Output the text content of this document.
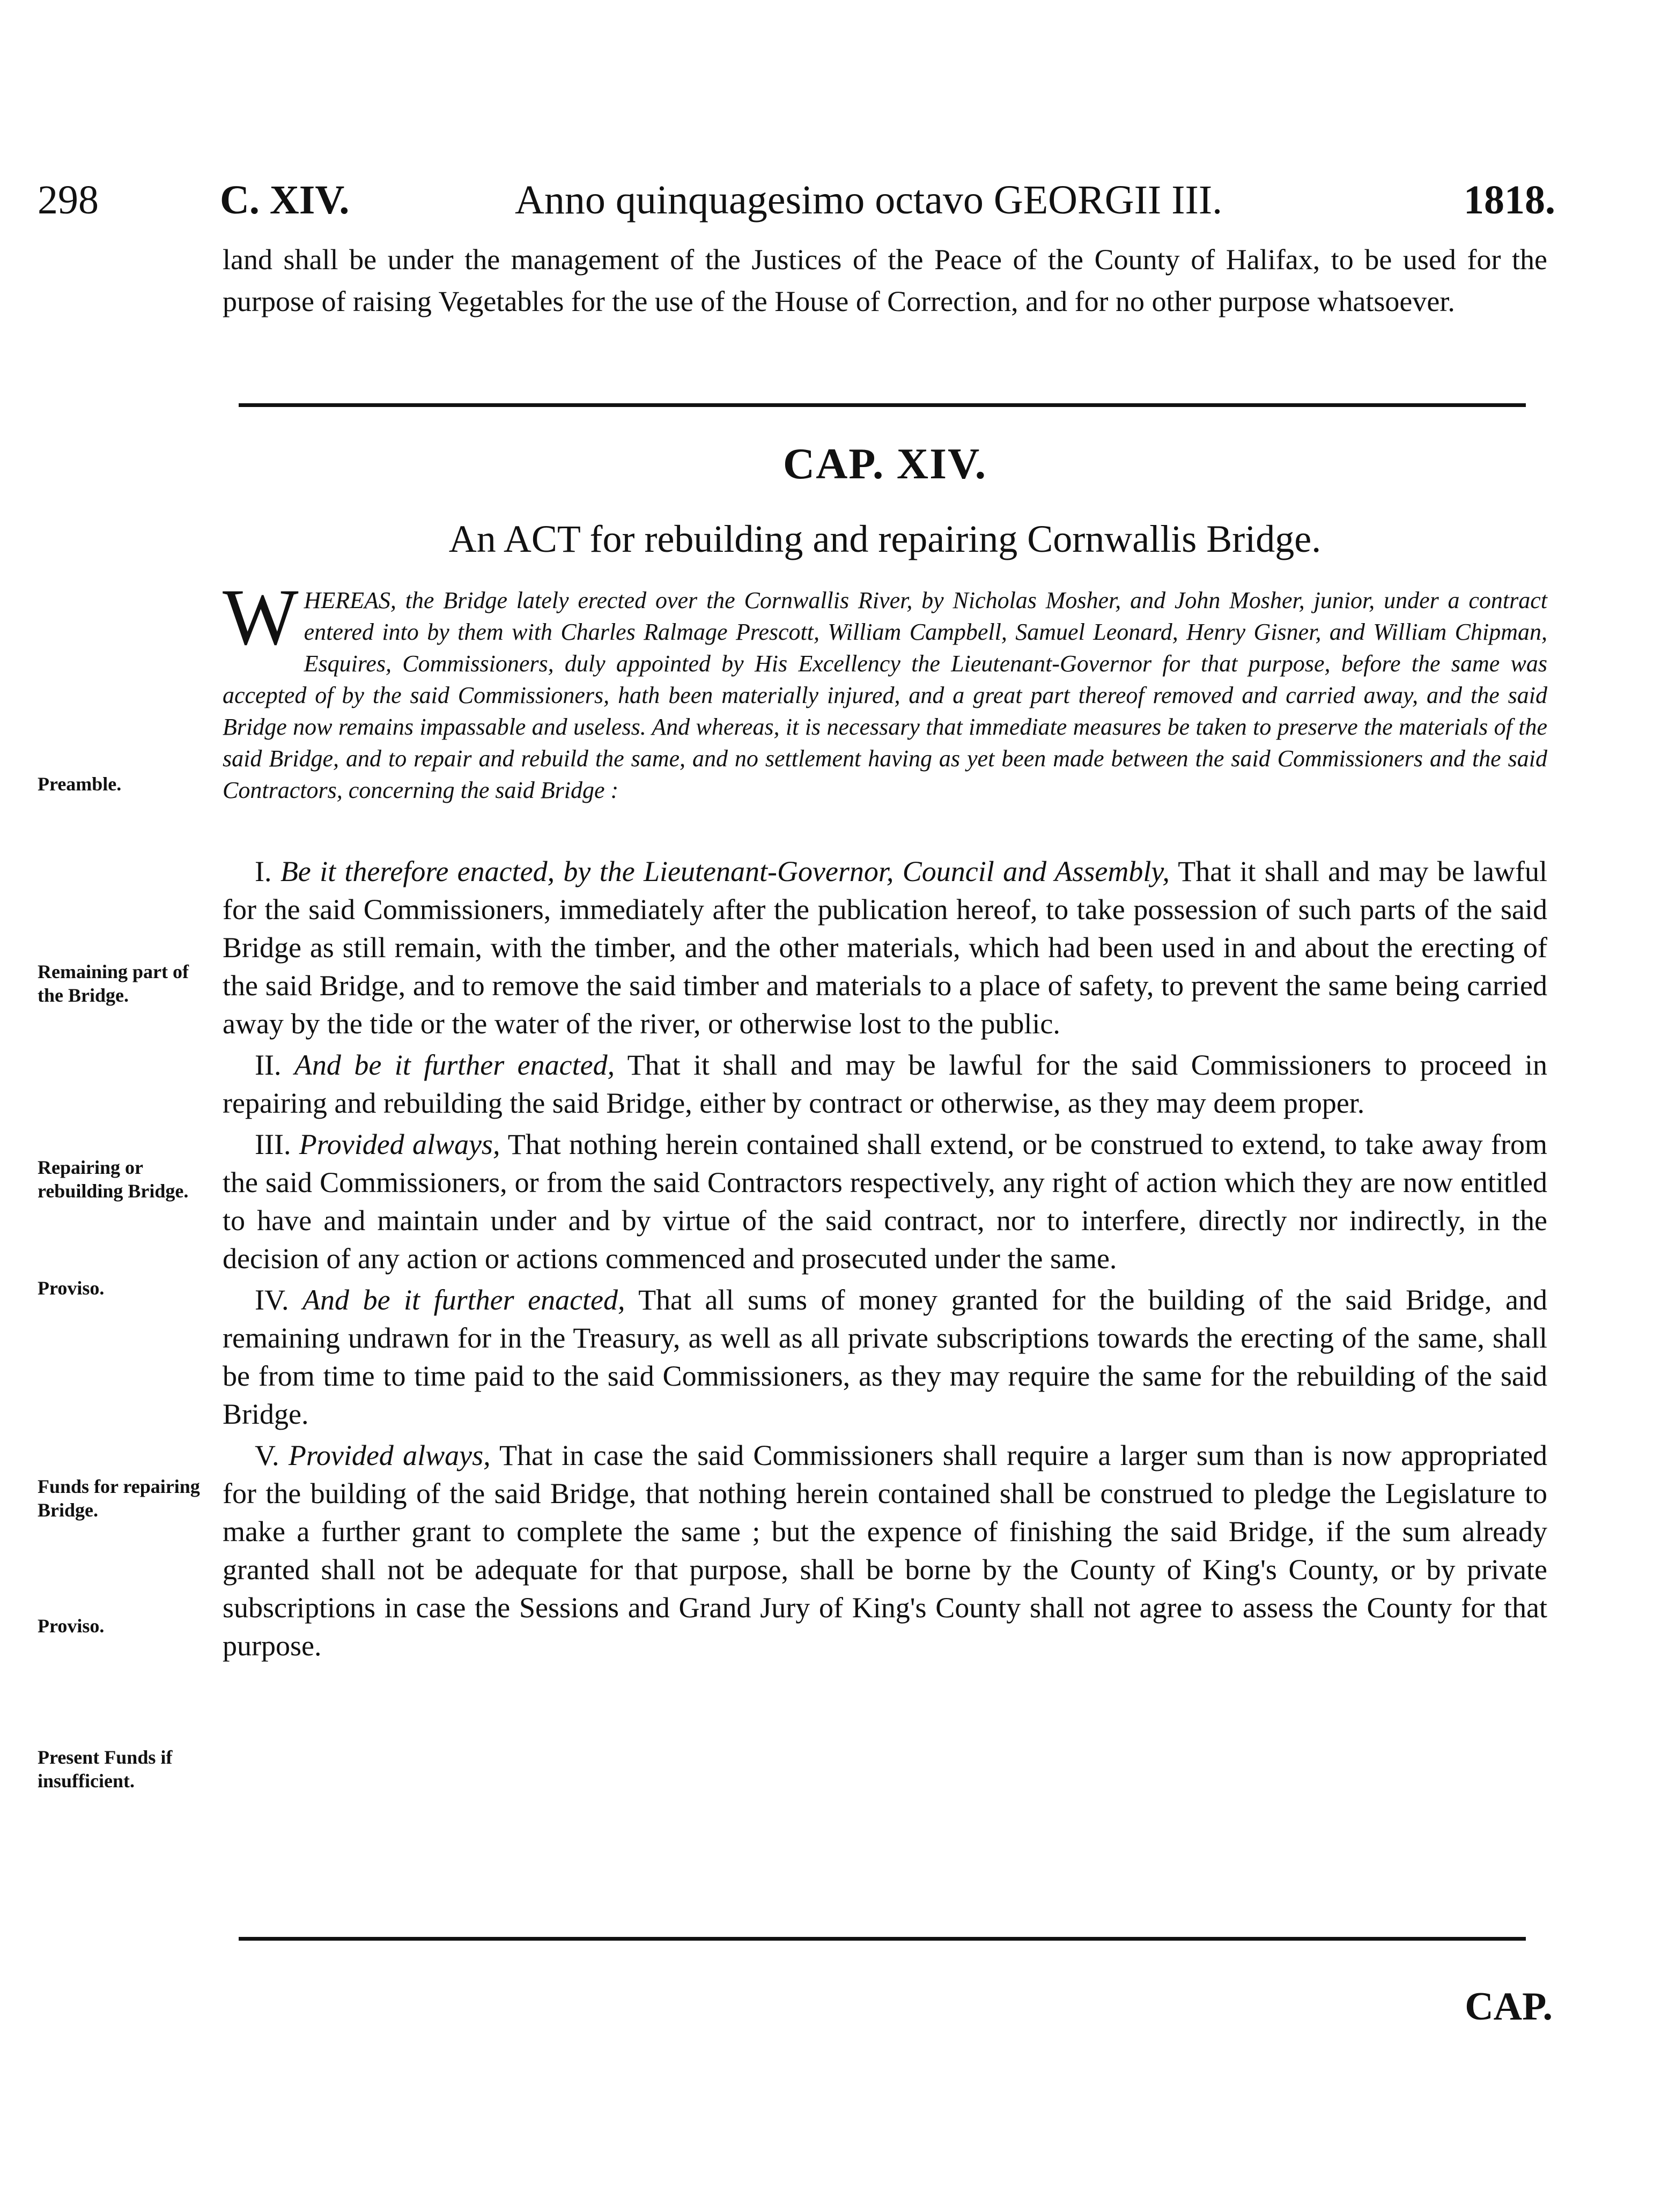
298	C. XIV.	Anno quinquagesimo octavo GEORGII III.	1818.
land shall be under the management of the Justices of the Peace of the County of Halifax, to be used for the purpose of raising Vegetables for the use of the House of Correction, and for no other purpose whatsoever.
CAP. XIV.
An ACT for rebuilding and repairing Cornwallis Bridge.
W HEREAS, the Bridge lately erected over the Cornwallis River, by Nicholas Mosher, and John Mosher, junior, under a contract entered into by them with Charles Ralmage Prescott, William Campbell, Samuel Leonard, Henry Gisner, and William Chipman, Esquires, Commissioners, duly appointed by His Excellency the Lieutenant-Governor for that purpose, before the same was accepted of by the said Commissioners, hath been materially injured, and a great part thereof removed and carried away, and the said Bridge now remains impassable and useless. And whereas, it is necessary that immediate measures be taken to preserve the materials of the said Bridge, and to repair and rebuild the same, and no settlement having as yet been made between the said Commissioners and the said Contractors, concerning the said Bridge :

I. Be it therefore enacted, by the Lieutenant-Governor, Council and Assembly, That it shall and may be lawful for the said Commissioners, immediately after the publication hereof, to take possession of such parts of the said Bridge as still remain, with the timber, and the other materials, which had been used in and about the erecting of the said Bridge, and to remove the said timber and materials to a place of safety, to prevent the same being carried away by the tide or the water of the river, or otherwise lost to the public.

II. And be it further enacted, That it shall and may be lawful for the said Commissioners to proceed in repairing and rebuilding the said Bridge, either by contract or otherwise, as they may deem proper.

III. Provided always, That nothing herein contained shall extend, or be construed to extend, to take away from the said Commissioners, or from the said Contractors respectively, any right of action which they are now entitled to have and maintain under and by virtue of the said contract, nor to interfere, directly nor indirectly, in the decision of any action or actions commenced and prosecuted under the same.

IV. And be it further enacted, That all sums of money granted for the building of the said Bridge, and remaining undrawn for in the Treasury, as well as all private subscriptions towards the erecting of the same, shall be from time to time paid to the said Commissioners, as they may require the same for the rebuilding of the said Bridge.

V. Provided always, That in case the said Commissioners shall require a larger sum than is now appropriated for the building of the said Bridge, that nothing herein contained shall be construed to pledge the Legislature to make a further grant to complete the same ; but the expence of finishing the said Bridge, if the sum already granted shall not be adequate for that purpose, shall be borne by the County of King's County, or by private subscriptions in case the Sessions and Grand Jury of King's County shall not agree to assess the County for that purpose.

Preamble.
Remaining part of the Bridge.
Repairing or rebuilding Bridge.
Proviso.
Funds for repairing Bridge.
Proviso.
Present Funds if insufficient.
CAP.
